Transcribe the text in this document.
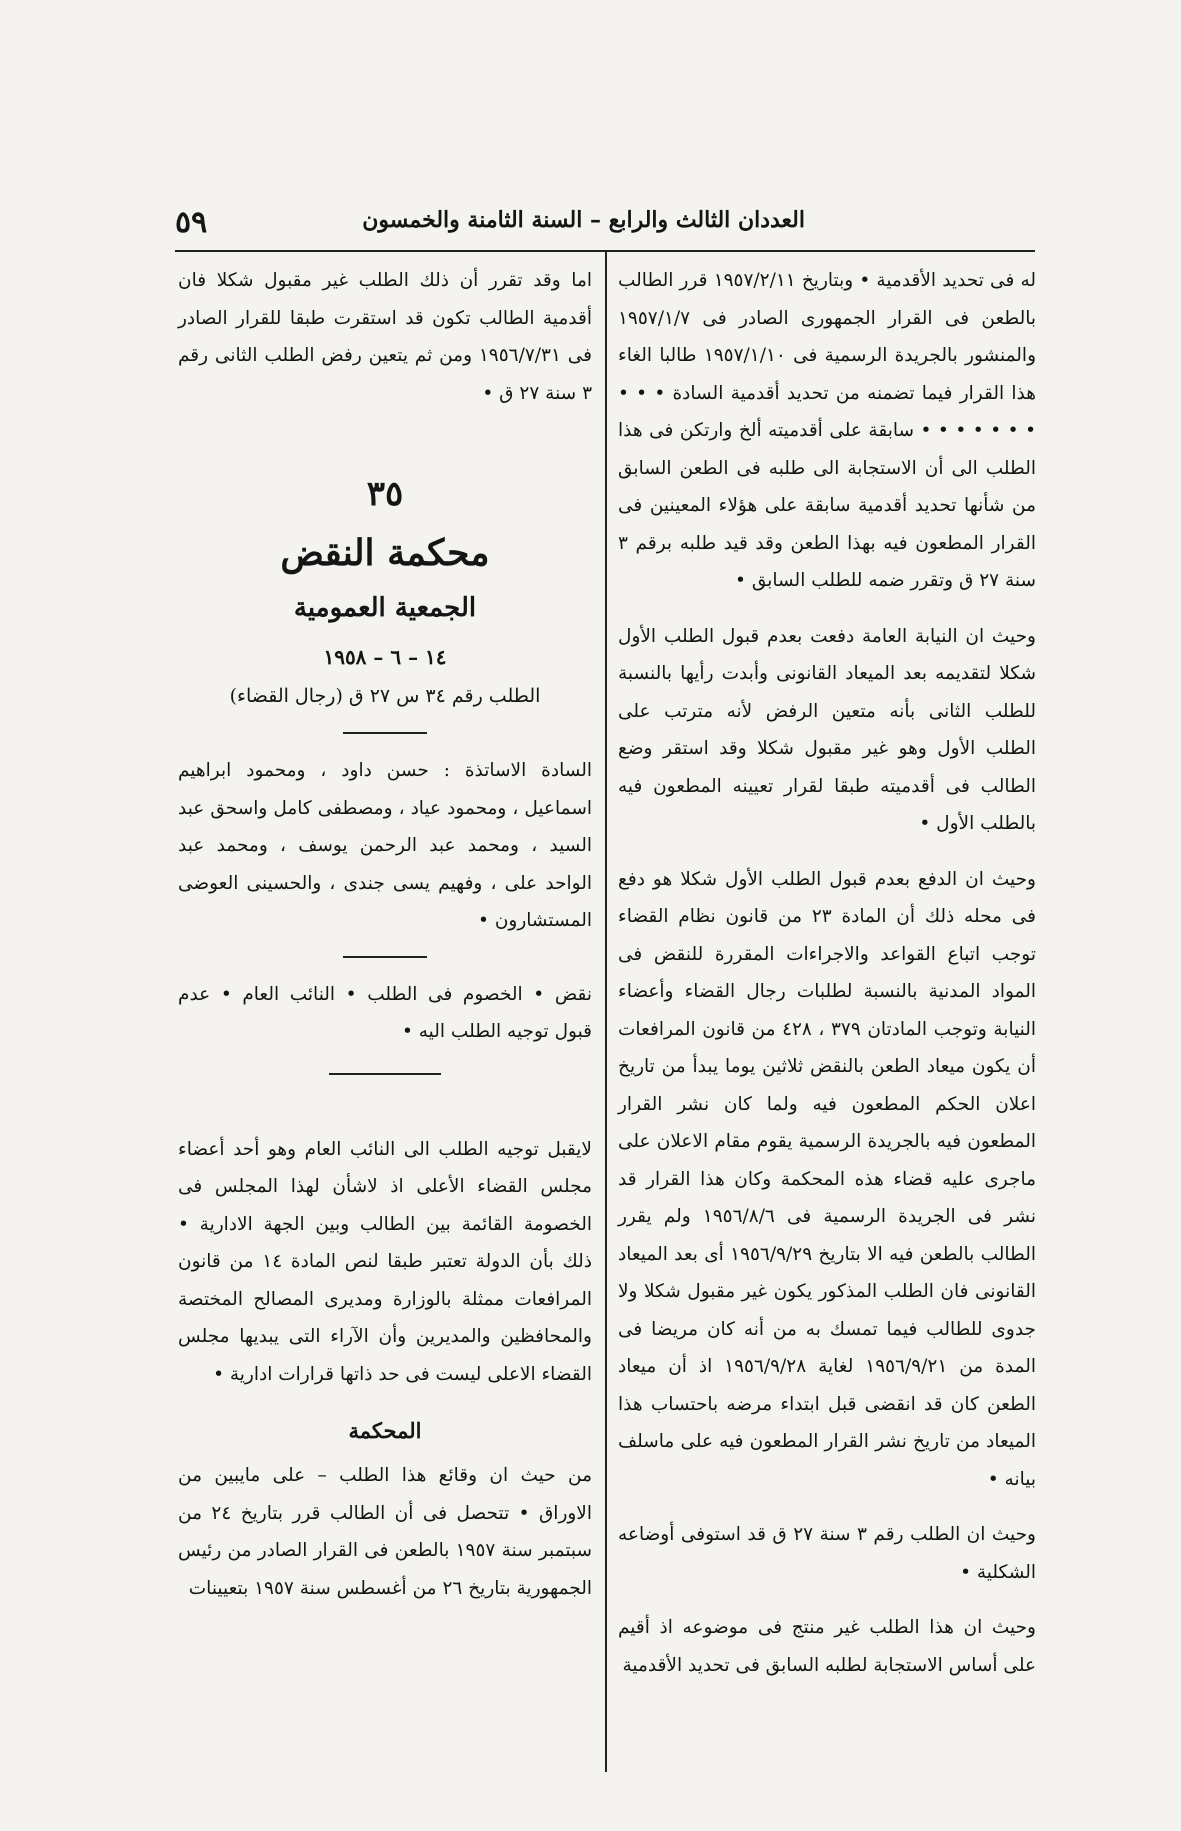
٥٩	العددان الثالث والرابع – السنة الثامنة والخمسون

له فى تحديد الأقدمية • وبتاريخ ١٩٥٧/٢/١١ قرر الطالب بالطعن فى القرار الجمهورى الصادر فى ١٩٥٧/١/٧ والمنشور بالجريدة الرسمية فى ١٩٥٧/١/١٠ طالبا الغاء هذا القرار فيما تضمنه من تحديد أقدمية السادة • • • • • • • • • • سابقة على أقدميته ألخ وارتكن فى هذا الطلب الى أن الاستجابة الى طلبه فى الطعن السابق من شأنها تحديد أقدمية سابقة على هؤلاء المعينين فى القرار المطعون فيه بهذا الطعن وقد قيد طلبه برقم ٣ سنة ٢٧ ق وتقرر ضمه للطلب السابق •

وحيث ان النيابة العامة دفعت بعدم قبول الطلب الأول شكلا لتقديمه بعد الميعاد القانونى وأبدت رأيها بالنسبة للطلب الثانى بأنه متعين الرفض لأنه مترتب على الطلب الأول وهو غير مقبول شكلا وقد استقر وضع الطالب فى أقدميته طبقا لقرار تعيينه المطعون فيه بالطلب الأول •

وحيث ان الدفع بعدم قبول الطلب الأول شكلا هو دفع فى محله ذلك أن المادة ٢٣ من قانون نظام القضاء توجب اتباع القواعد والاجراءات المقررة للنقض فى المواد المدنية بالنسبة لطلبات رجال القضاء وأعضاء النيابة وتوجب المادتان ٣٧٩ ، ٤٢٨ من قانون المرافعات أن يكون ميعاد الطعن بالنقض ثلاثين يوما يبدأ من تاريخ اعلان الحكم المطعون فيه ولما كان نشر القرار المطعون فيه بالجريدة الرسمية يقوم مقام الاعلان على ماجرى عليه قضاء هذه المحكمة وكان هذا القرار قد نشر فى الجريدة الرسمية فى ١٩٥٦/٨/٦ ولم يقرر الطالب بالطعن فيه الا بتاريخ ١٩٥٦/٩/٢٩ أى بعد الميعاد القانونى فان الطلب المذكور يكون غير مقبول شكلا ولا جدوى للطالب فيما تمسك به من أنه كان مريضا فى المدة من ١٩٥٦/٩/٢١ لغاية ١٩٥٦/٩/٢٨ اذ أن ميعاد الطعن كان قد انقضى قبل ابتداء مرضه باحتساب هذا الميعاد من تاريخ نشر القرار المطعون فيه على ماسلف بيانه •

وحيث ان الطلب رقم ٣ سنة ٢٧ ق قد استوفى أوضاعه الشكلية •

وحيث ان هذا الطلب غير منتج فى موضوعه اذ أقيم على أساس الاستجابة لطلبه السابق فى تحديد الأقدمية

اما وقد تقرر أن ذلك الطلب غير مقبول شكلا فان أقدمية الطالب تكون قد استقرت طبقا للقرار الصادر فى ١٩٥٦/٧/٣١ ومن ثم يتعين رفض الطلب الثانى رقم ٣ سنة ٢٧ ق •

٣٥
محكمة النقض
الجمعية العمومية
١٤ – ٦ – ١٩٥٨
الطلب رقم ٣٤ س ٢٧ ق (رجال القضاء)

السادة الاساتذة : حسن داود ، ومحمود ابراهيم اسماعيل ، ومحمود عياد ، ومصطفى كامل واسحق عبد السيد ، ومحمد عبد الرحمن يوسف ، ومحمد عبد الواحد على ، وفهيم يسى جندى ، والحسينى العوضى المستشارون •

نقض • الخصوم فى الطلب • النائب العام • عدم قبول توجيه الطلب اليه •

لايقبل توجيه الطلب الى النائب العام وهو أحد أعضاء مجلس القضاء الأعلى اذ لاشأن لهذا المجلس فى الخصومة القائمة بين الطالب وبين الجهة الادارية • ذلك بأن الدولة تعتبر طبقا لنص المادة ١٤ من قانون المرافعات ممثلة بالوزارة ومديرى المصالح المختصة والمحافظين والمديرين وأن الآراء التى يبديها مجلس القضاء الاعلى ليست فى حد ذاتها قرارات ادارية •

المحكمة

من حيث ان وقائع هذا الطلب – على مايبين من الاوراق • تتحصل فى أن الطالب قرر بتاريخ ٢٤ من سبتمبر سنة ١٩٥٧ بالطعن فى القرار الصادر من رئيس الجمهورية بتاريخ ٢٦ من أغسطس سنة ١٩٥٧ بتعيينات
